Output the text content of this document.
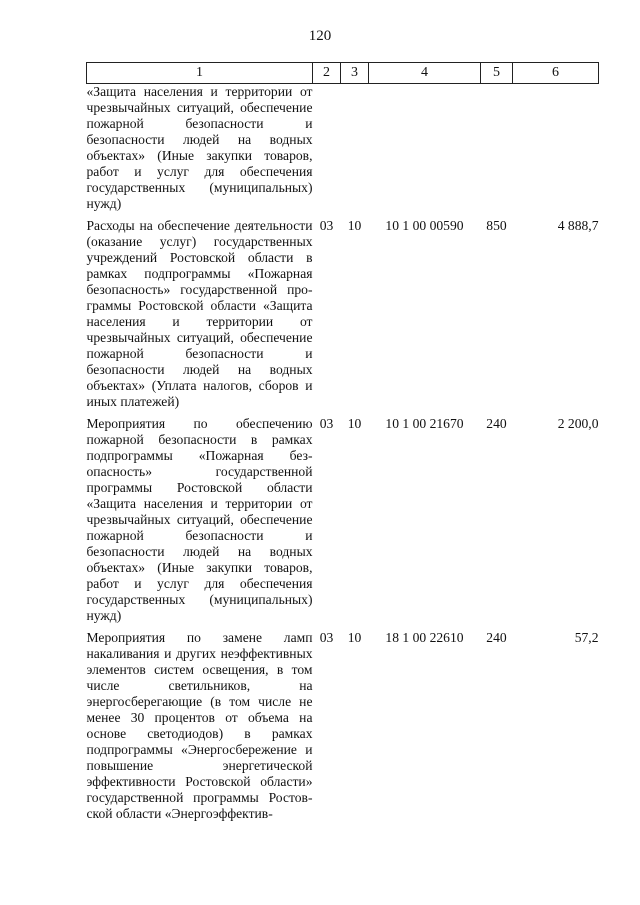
120
1	2	3	4	5	6
«Защита населения и территории от чрезвычайных ситуаций, обеспечение пожарной безопасности и безопасности людей на водных объектах» (Иные закупки товаров, работ и услуг для обеспечения государственных (муниципальных) нужд)					
Расходы на обеспечение деятельности (оказание услуг) государственных учреждений Ростовской области в рамках подпрограммы «Пожарная безопасность» государственной программы Ростовской области «Защита населения и территории от чрезвычайных ситуаций, обеспечение пожарной безопасности и безопасности людей на водных объектах» (Уплата налогов, сборов и иных платежей)	03	10	10 1 00 00590	850	4 888,7
Мероприятия по обеспечению пожарной безопасности в рамках подпрограммы «Пожарная безопасность» государственной программы Ростовской области «Защита населения и территории от чрезвычайных ситуаций, обеспечение пожарной безопасности и безопасности людей на водных объектах» (Иные закупки товаров, работ и услуг для обеспечения государственных (муниципальных) нужд)	03	10	10 1 00 21670	240	2 200,0
Мероприятия по замене ламп накаливания и других неэффективных элементов систем освещения, в том числе светильников, на энергосберегающие (в том числе не менее 30 процентов от объема на основе светодиодов) в рамках подпрограммы «Энергосбережение и повышение энергетической эффективности Ростовской области» государственной программы Ростовской области «Энергоэффектив-	03	10	18 1 00 22610	240	57,2
